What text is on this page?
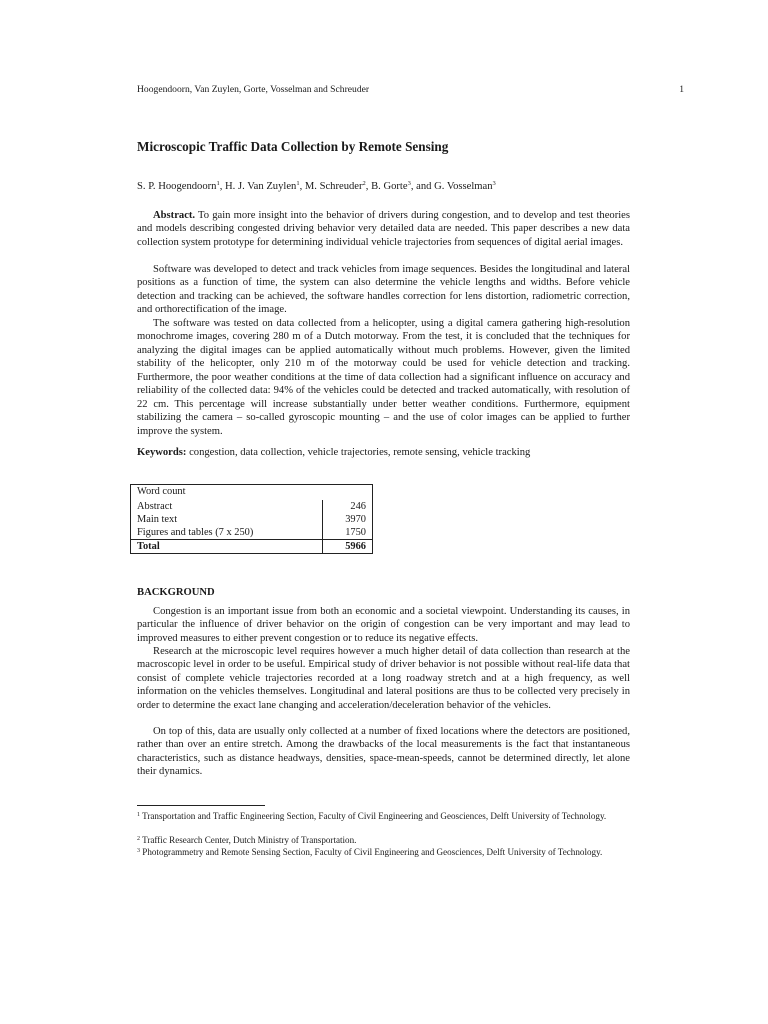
Hoogendoorn, Van Zuylen, Gorte, Vosselman and Schreuder	1
Microscopic Traffic Data Collection by Remote Sensing
S. P. Hoogendoorn$^1$, H. J. Van Zuylen$^1$, M. Schreuder$^2$, B. Gorte$^3$, and G. Vosselman$^3$
Abstract. To gain more insight into the behavior of drivers during congestion, and to develop and test theories and models describing congested driving behavior very detailed data are needed. This paper describes a new data collection system prototype for determining individual vehicle trajectories from sequences of digital aerial images.
Software was developed to detect and track vehicles from image sequences. Besides the longitudinal and lateral positions as a function of time, the system can also determine the vehicle lengths and widths. Before vehicle detection and tracking can be achieved, the software handles correction for lens distortion, radiometric correction, and orthorectification of the image.
The software was tested on data collected from a helicopter, using a digital camera gathering high-resolution monochrome images, covering 280 m of a Dutch motorway. From the test, it is concluded that the techniques for analyzing the digital images can be applied automatically without much problems. However, given the limited stability of the helicopter, only 210 m of the motorway could be used for vehicle detection and tracking. Furthermore, the poor weather conditions at the time of data collection had a significant influence on accuracy and reliability of the collected data: 94% of the vehicles could be detected and tracked automatically, with resolution of 22 cm. This percentage will increase substantially under better weather conditions. Furthermore, equipment stabilizing the camera – so-called gyroscopic mounting – and the use of color images can be applied to further improve the system.
Keywords: congestion, data collection, vehicle trajectories, remote sensing, vehicle tracking
Word count	
Abstract	246
Main text	3970
Figures and tables (7 x 250)	1750
Total	5966
BACKGROUND
Congestion is an important issue from both an economic and a societal viewpoint. Understanding its causes, in particular the influence of driver behavior on the origin of congestion can be very important and may lead to improved measures to either prevent congestion or to reduce its negative effects.
Research at the microscopic level requires however a much higher detail of data collection than research at the macroscopic level in order to be useful. Empirical study of driver behavior is not possible without real-life data that consist of complete vehicle trajectories recorded at a long roadway stretch and at a high frequency, as well information on the vehicles themselves. Longitudinal and lateral positions are thus to be collected very precisely in order to determine the exact lane changing and acceleration/deceleration behavior of the vehicles.
On top of this, data are usually only collected at a number of fixed locations where the detectors are positioned, rather than over an entire stretch. Among the drawbacks of the local measurements is the fact that instantaneous characteristics, such as distance headways, densities, space-mean-speeds, cannot be determined directly, let alone their dynamics.
$^1$ Transportation and Traffic Engineering Section, Faculty of Civil Engineering and Geosciences, Delft University of Technology.
$^2$ Traffic Research Center, Dutch Ministry of Transportation.
$^3$ Photogrammetry and Remote Sensing Section, Faculty of Civil Engineering and Geosciences, Delft University of Technology.
